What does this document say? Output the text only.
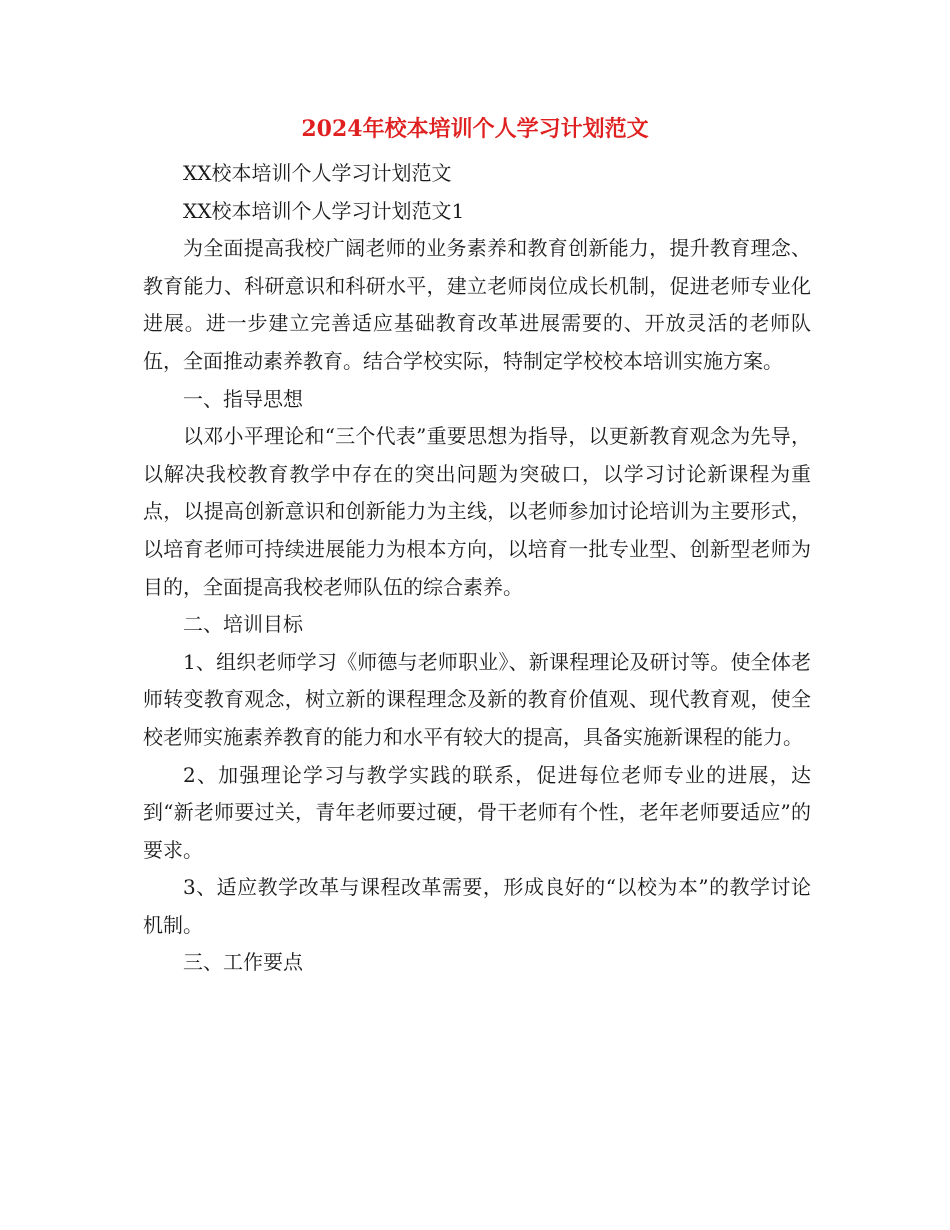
2024年校本培训个人学习计划范文

XX校本培训个人学习计划范文

XX校本培训个人学习计划范文1

为全面提高我校广阔老师的业务素养和教育创新能力，提升教育理念、教育能力、科研意识和科研水平，建立老师岗位成长机制，促进老师专业化进展。进一步建立完善适应基础教育改革进展需要的、开放灵活的老师队伍，全面推动素养教育。结合学校实际，特制定学校校本培训实施方案。

一、指导思想

以邓小平理论和“三个代表”重要思想为指导，以更新教育观念为先导，以解决我校教育教学中存在的突出问题为突破口，以学习讨论新课程为重点，以提高创新意识和创新能力为主线，以老师参加讨论培训为主要形式，以培育老师可持续进展能力为根本方向，以培育一批专业型、创新型老师为目的，全面提高我校老师队伍的综合素养。

二、培训目标

1、组织老师学习《师德与老师职业》、新课程理论及研讨等。使全体老师转变教育观念，树立新的课程理念及新的教育价值观、现代教育观，使全校老师实施素养教育的能力和水平有较大的提高，具备实施新课程的能力。

2、加强理论学习与教学实践的联系，促进每位老师专业的进展，达到“新老师要过关，青年老师要过硬，骨干老师有个性，老年老师要适应”的要求。

3、适应教学改革与课程改革需要，形成良好的“以校为本”的教学讨论机制。

三、工作要点
